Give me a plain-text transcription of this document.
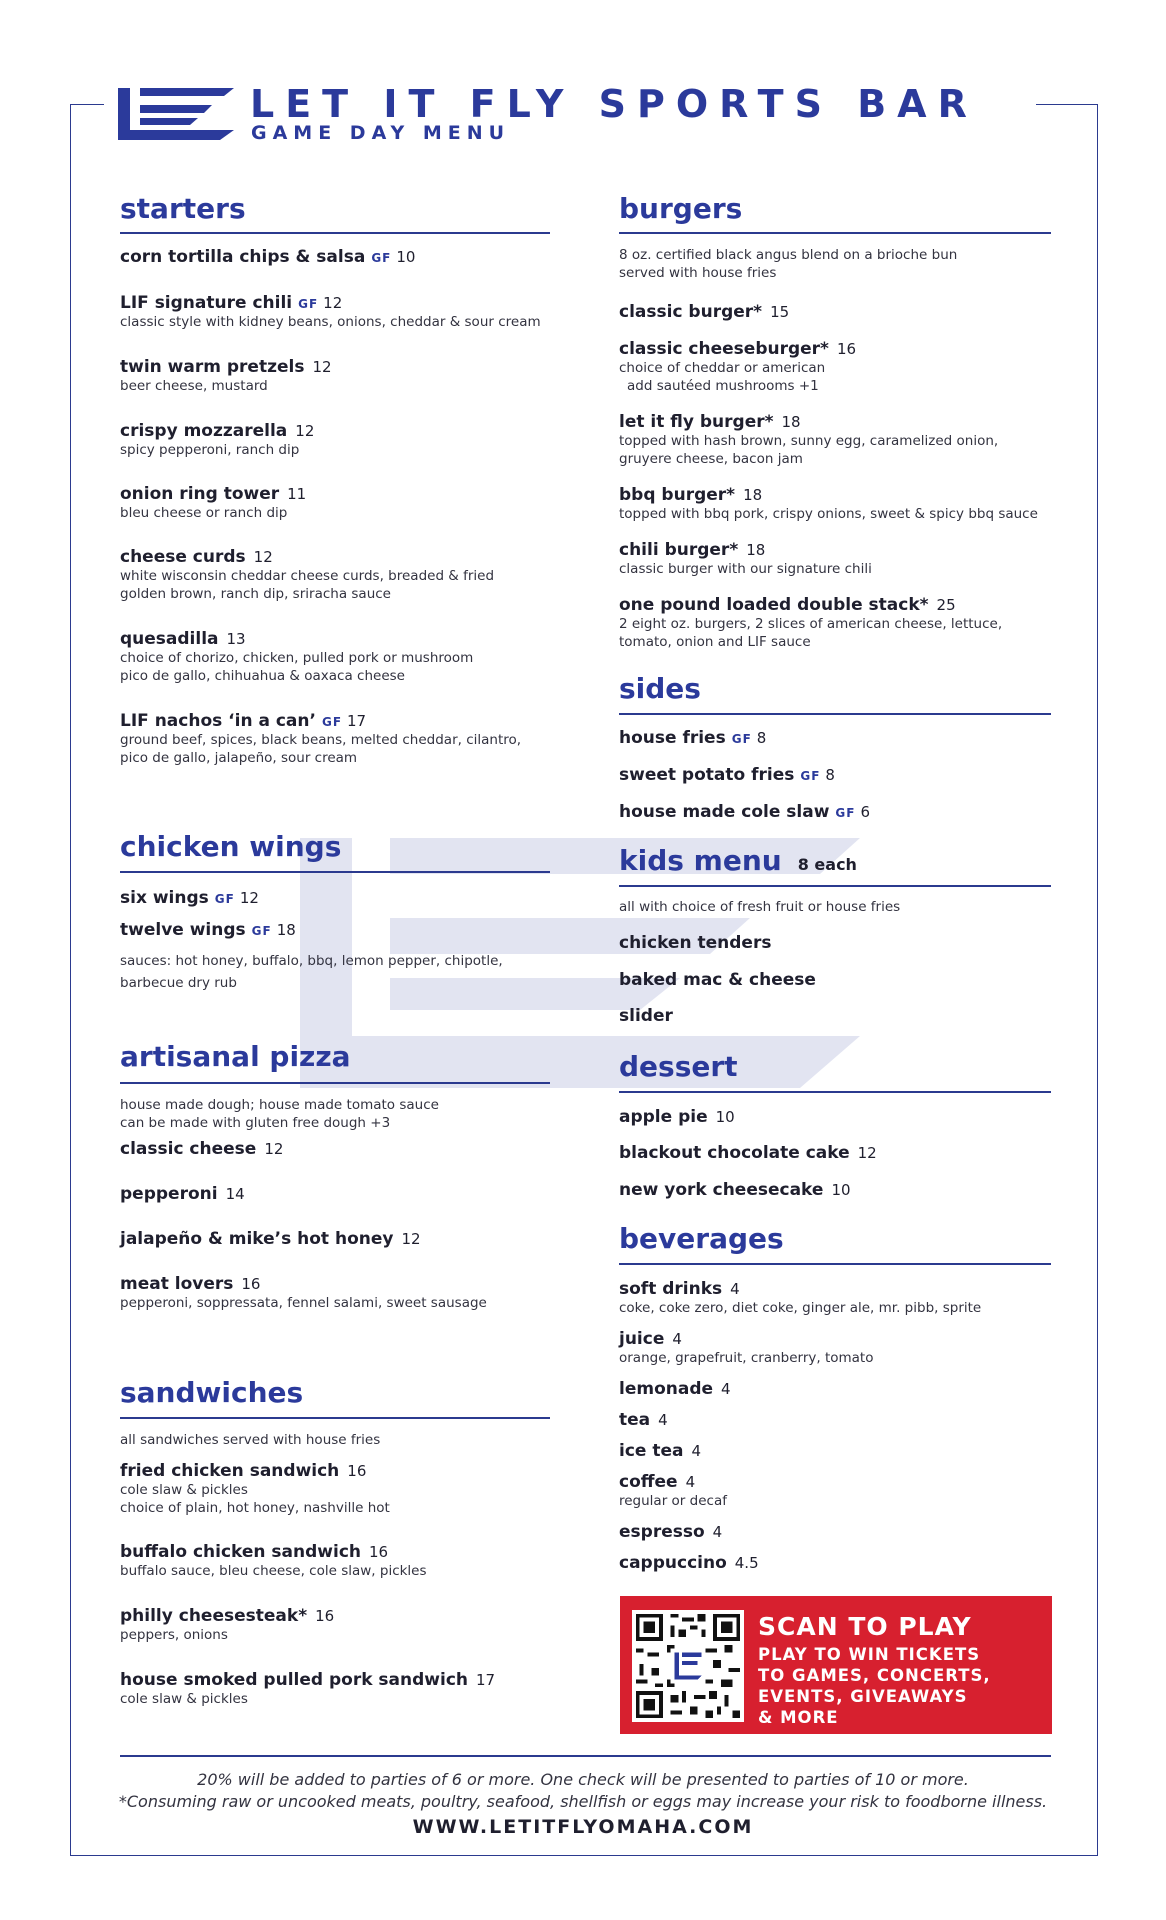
LET IT FLY SPORTS BAR
GAME DAY MENU
starters
corn tortilla chips & salsa GF 10
LIF signature chili GF 12
classic style with kidney beans, onions, cheddar & sour cream
twin warm pretzels 12
beer cheese, mustard
crispy mozzarella 12
spicy pepperoni, ranch dip
onion ring tower 11
bleu cheese or ranch dip
cheese curds 12
white wisconsin cheddar cheese curds, breaded & fried
golden brown, ranch dip, sriracha sauce
quesadilla 13
choice of chorizo, chicken, pulled pork or mushroom
pico de gallo, chihuahua & oaxaca cheese
LIF nachos ‘in a can’ GF 17
ground beef, spices, black beans, melted cheddar, cilantro,
pico de gallo, jalapeño, sour cream
chicken wings
sauces: hot honey, buffalo, bbq, lemon pepper, chipotle,
barbecue dry rub
six wings GF 12
twelve wings GF 18
artisanal pizza
house made dough; house made tomato sauce
can be made with gluten free dough +3
classic cheese 12
pepperoni 14
jalapeño & mike’s hot honey 12
meat lovers 16
pepperoni, soppressata, fennel salami, sweet sausage
sandwiches
all sandwiches served with house fries
fried chicken sandwich 16
cole slaw & pickles
choice of plain, hot honey, nashville hot
buffalo chicken sandwich 16
buffalo sauce, bleu cheese, cole slaw, pickles
philly cheesesteak* 16
peppers, onions
house smoked pulled pork sandwich 17
cole slaw & pickles
burgers
8 oz. certified black angus blend on a brioche bun
served with house fries
classic burger* 15
classic cheeseburger* 16
choice of cheddar or american
add sautéed mushrooms +1
let it fly burger* 18
topped with hash brown, sunny egg, caramelized onion,
gruyere cheese, bacon jam
bbq burger* 18
topped with bbq pork, crispy onions, sweet & spicy bbq sauce
chili burger* 18
classic burger with our signature chili
one pound loaded double stack* 25
2 eight oz. burgers, 2 slices of american cheese, lettuce,
tomato, onion and LIF sauce
sides
house fries GF 8
sweet potato fries GF 8
house made cole slaw GF 6
kids menu 8 each
all with choice of fresh fruit or house fries
chicken tenders
baked mac & cheese
slider
dessert
apple pie 10
blackout chocolate cake 12
new york cheesecake 10
beverages
soft drinks 4
coke, coke zero, diet coke, ginger ale, mr. pibb, sprite
juice 4
orange, grapefruit, cranberry, tomato
lemonade 4
tea 4
ice tea 4
coffee 4
regular or decaf
espresso 4
cappuccino 4.5
SCAN TO PLAY
PLAY TO WIN TICKETS
TO GAMES, CONCERTS,
EVENTS, GIVEAWAYS
& MORE
20% will be added to parties of 6 or more. One check will be presented to parties of 10 or more.
*Consuming raw or uncooked meats, poultry, seafood, shellfish or eggs may increase your risk to foodborne illness.
WWW.LETITFLYOMAHA.COM
